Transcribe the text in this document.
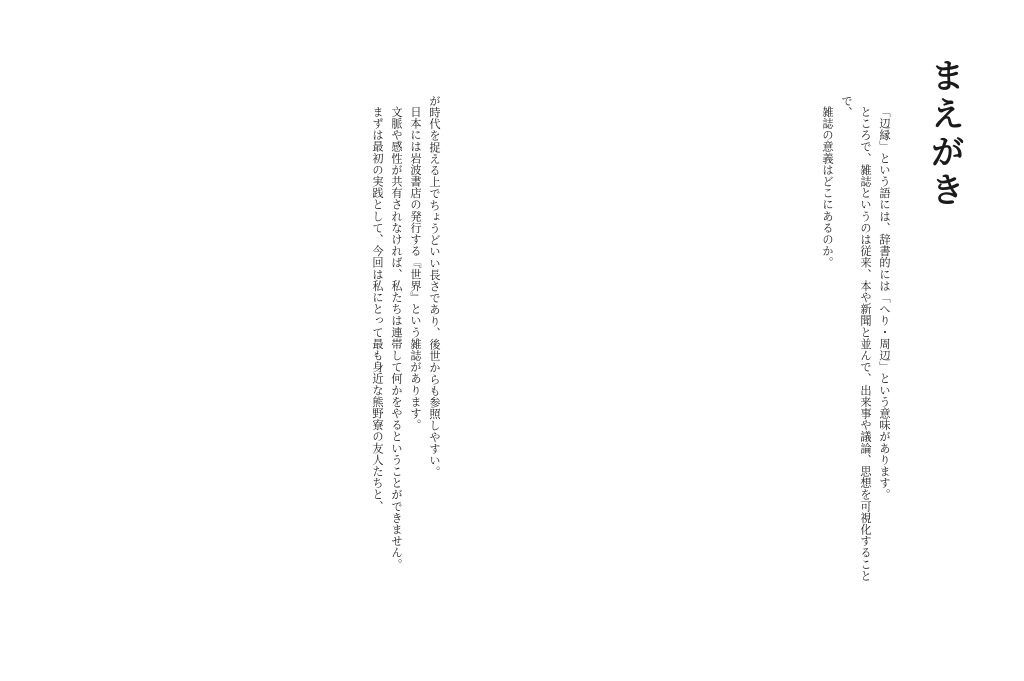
まえがき

「辺縁」という語には、辞書的には「へり・周辺」という意味があります。

ところで、雑誌というのは従来、本や新聞と並んで、出来事や議論、思想を可視化することで、

雑誌の意義はどこにあるのか。

が時代を捉える上でちょうどいい長さであり、後世からも参照しやすい。

日本には岩波書店の発行する『世界』という雑誌があります。

文脈や感性が共有されなければ、私たちは連帯して何かをやるということができません。

まずは最初の実践として、今回は私にとって最も身近な熊野寮の友人たちと、
